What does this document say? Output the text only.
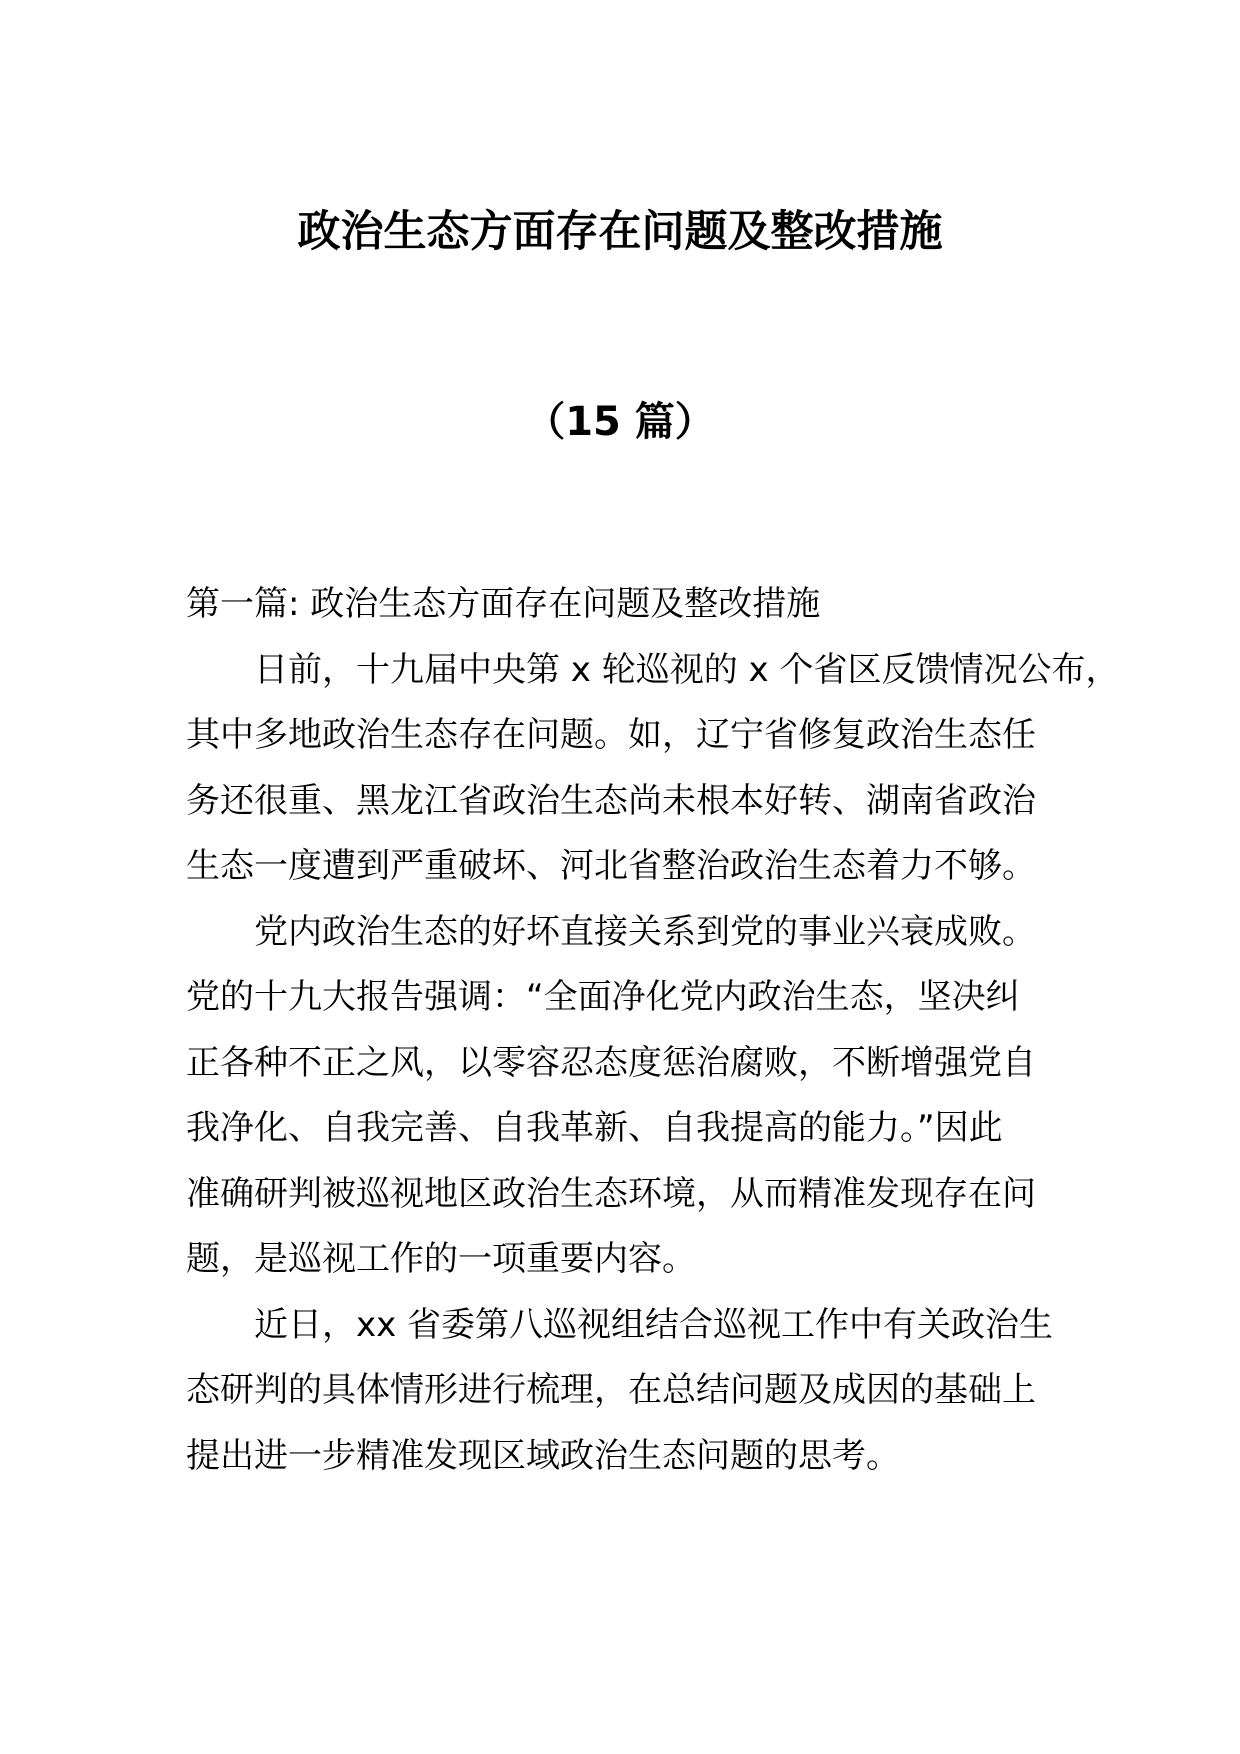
政治生态方面存在问题及整改措施
（15 篇）

第一篇: 政治生态方面存在问题及整改措施

日前，十九届中央第 x 轮巡视的 x 个省区反馈情况公布，
其中多地政治生态存在问题。如，辽宁省修复政治生态任
务还很重、黑龙江省政治生态尚未根本好转、湖南省政治
生态一度遭到严重破坏、河北省整治政治生态着力不够。

党内政治生态的好坏直接关系到党的事业兴衰成败。
党的十九大报告强调：“全面净化党内政治生态，坚决纠
正各种不正之风，以零容忍态度惩治腐败，不断增强党自
我净化、自我完善、自我革新、自我提高的能力。”因此
准确研判被巡视地区政治生态环境，从而精准发现存在问
题，是巡视工作的一项重要内容。

近日，xx 省委第八巡视组结合巡视工作中有关政治生
态研判的具体情形进行梳理，在总结问题及成因的基础上
提出进一步精准发现区域政治生态问题的思考。
